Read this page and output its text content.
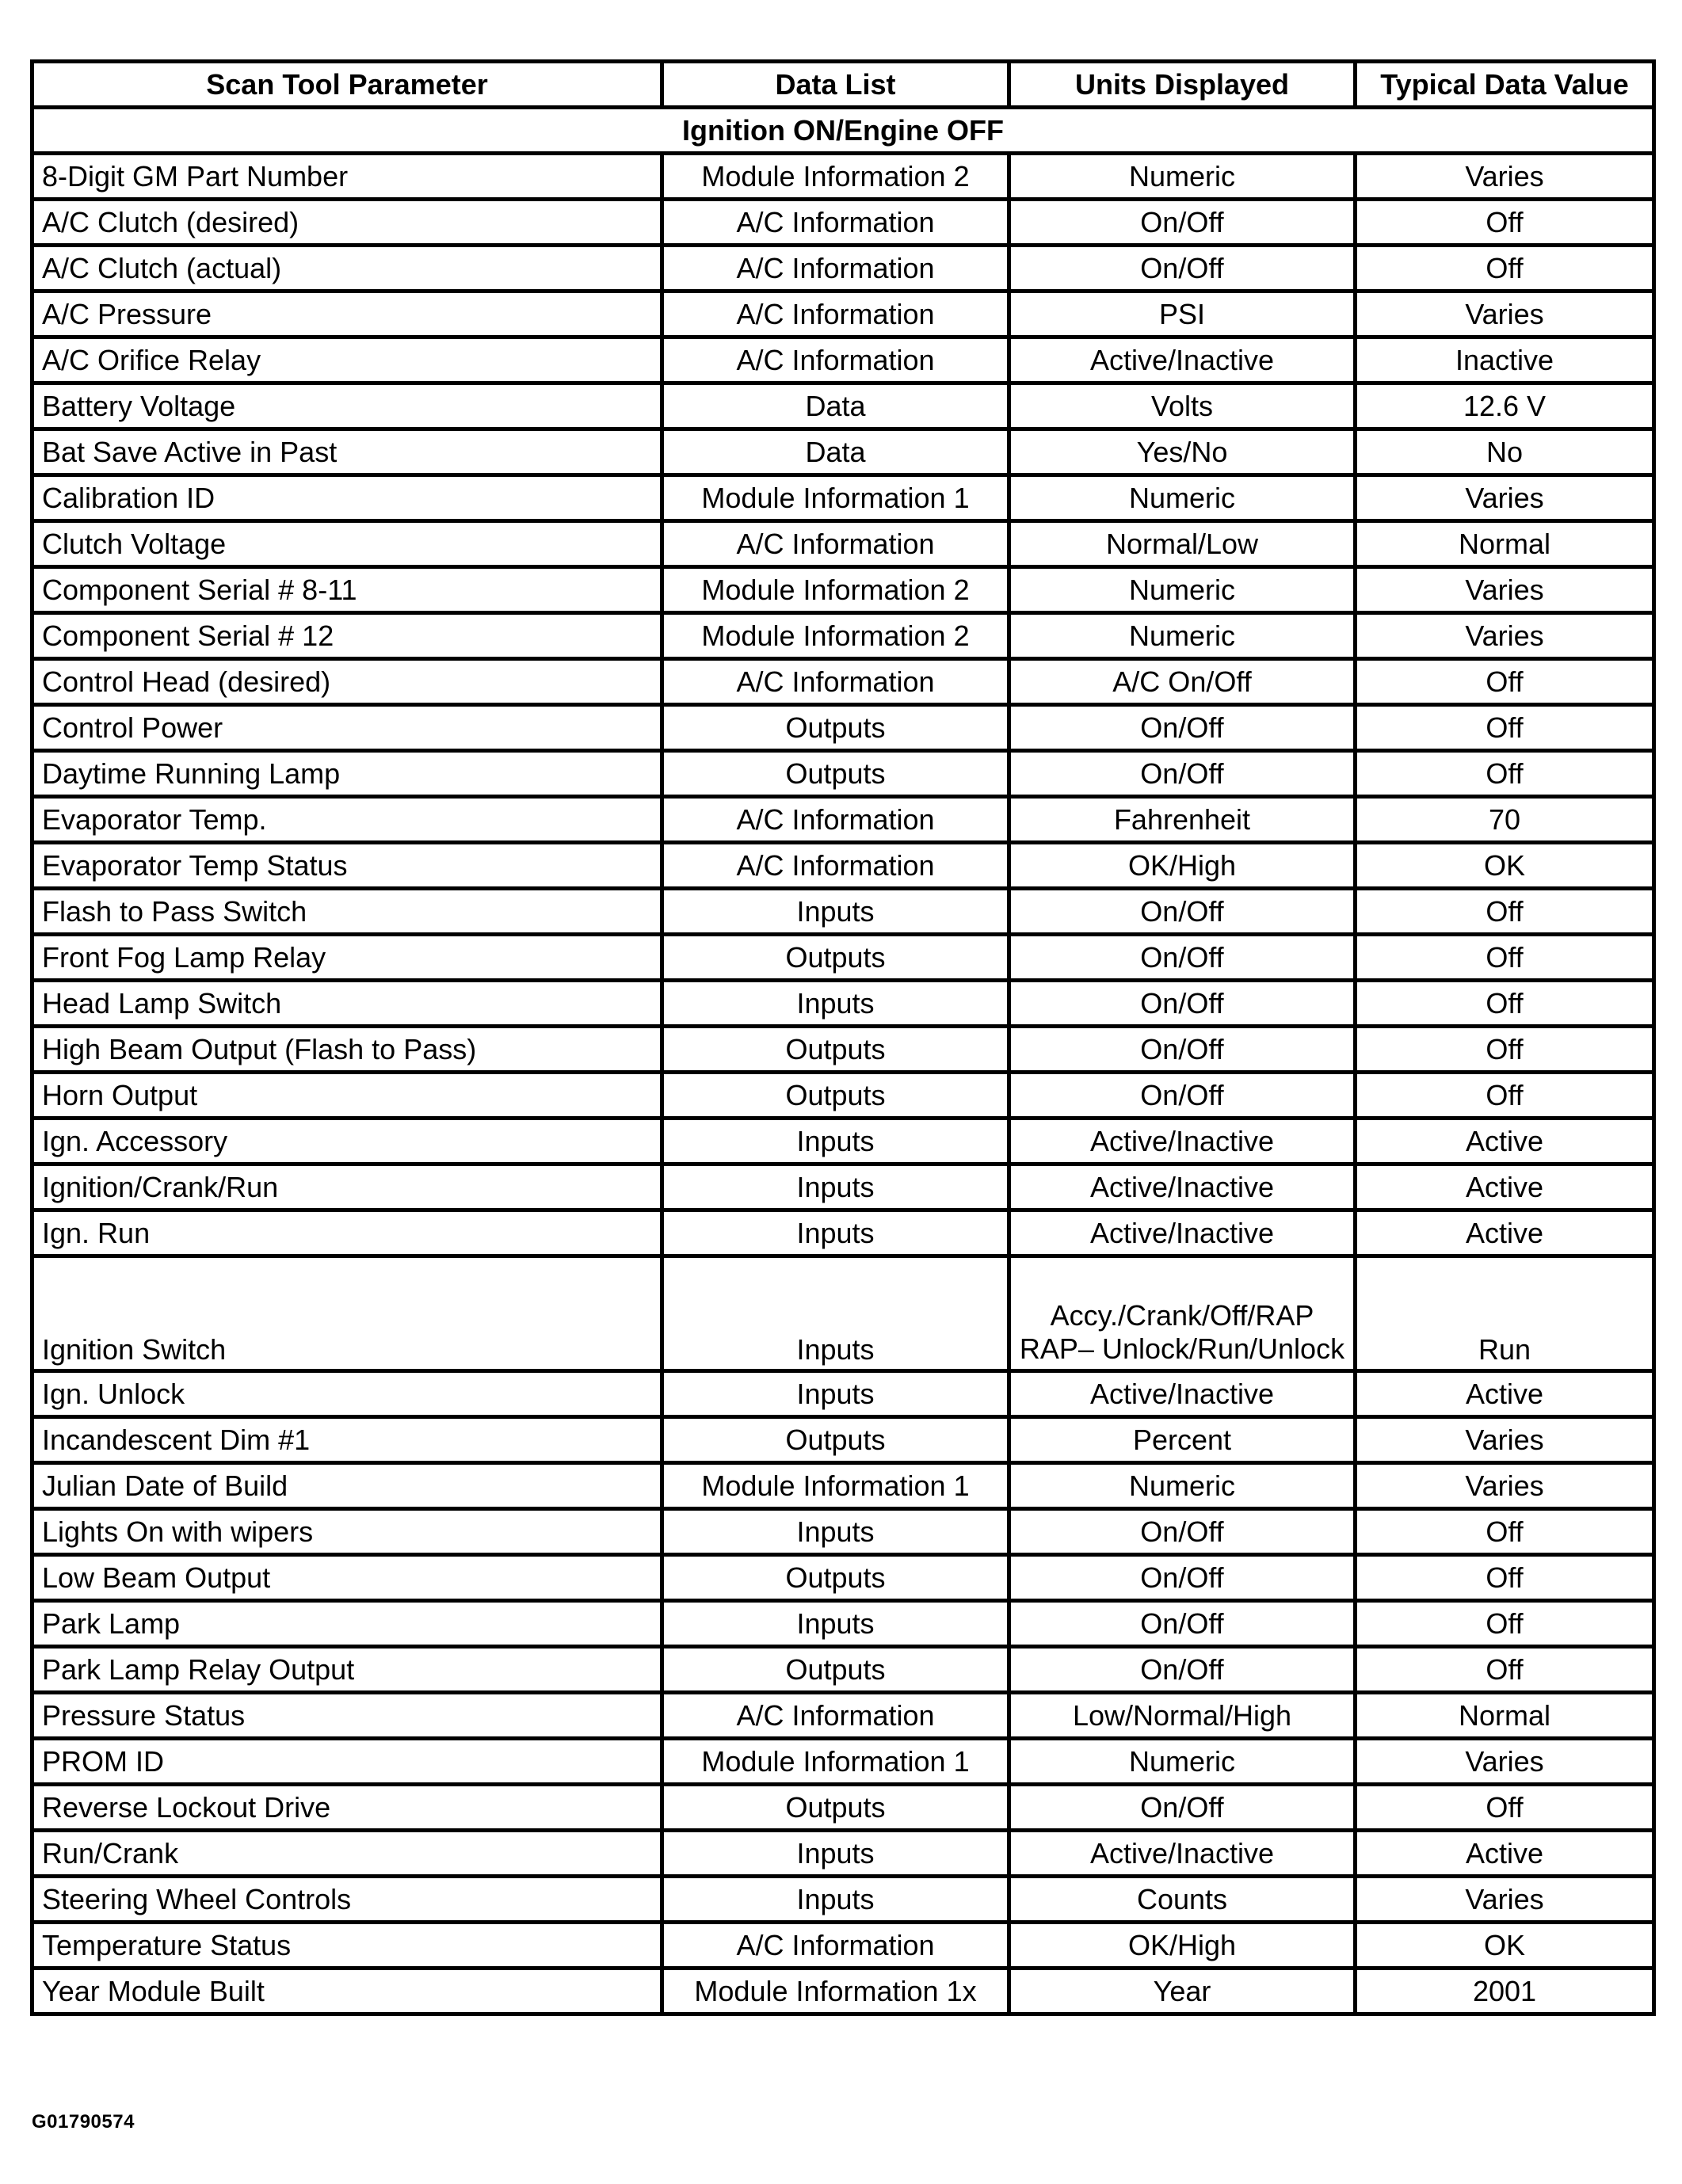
Scan Tool Parameter	Data List	Units Displayed	Typical Data Value
Ignition ON/Engine OFF			
8-Digit GM Part Number	Module Information 2	Numeric	Varies
A/C Clutch (desired)	A/C Information	On/Off	Off
A/C Clutch (actual)	A/C Information	On/Off	Off
A/C Pressure	A/C Information	PSI	Varies
A/C Orifice Relay	A/C Information	Active/Inactive	Inactive
Battery Voltage	Data	Volts	12.6 V
Bat Save Active in Past	Data	Yes/No	No
Calibration ID	Module Information 1	Numeric	Varies
Clutch Voltage	A/C Information	Normal/Low	Normal
Component Serial # 8-11	Module Information 2	Numeric	Varies
Component Serial # 12	Module Information 2	Numeric	Varies
Control Head (desired)	A/C Information	A/C On/Off	Off
Control Power	Outputs	On/Off	Off
Daytime Running Lamp	Outputs	On/Off	Off
Evaporator Temp.	A/C Information	Fahrenheit	70
Evaporator Temp Status	A/C Information	OK/High	OK
Flash to Pass Switch	Inputs	On/Off	Off
Front Fog Lamp Relay	Outputs	On/Off	Off
Head Lamp Switch	Inputs	On/Off	Off
High Beam Output (Flash to Pass)	Outputs	On/Off	Off
Horn Output	Outputs	On/Off	Off
Ign. Accessory	Inputs	Active/Inactive	Active
Ignition/Crank/Run	Inputs	Active/Inactive	Active
Ign. Run	Inputs	Active/Inactive	Active
Ignition Switch	Inputs	Accy./Crank/Off/RAP RAP– Unlock/Run/Unlock	Run
Ign. Unlock	Inputs	Active/Inactive	Active
Incandescent Dim #1	Outputs	Percent	Varies
Julian Date of Build	Module Information 1	Numeric	Varies
Lights On with wipers	Inputs	On/Off	Off
Low Beam Output	Outputs	On/Off	Off
Park Lamp	Inputs	On/Off	Off
Park Lamp Relay Output	Outputs	On/Off	Off
Pressure Status	A/C Information	Low/Normal/High	Normal
PROM ID	Module Information 1	Numeric	Varies
Reverse Lockout Drive	Outputs	On/Off	Off
Run/Crank	Inputs	Active/Inactive	Active
Steering Wheel Controls	Inputs	Counts	Varies
Temperature Status	A/C Information	OK/High	OK
Year Module Built	Module Information 1x	Year	2001
G01790574
